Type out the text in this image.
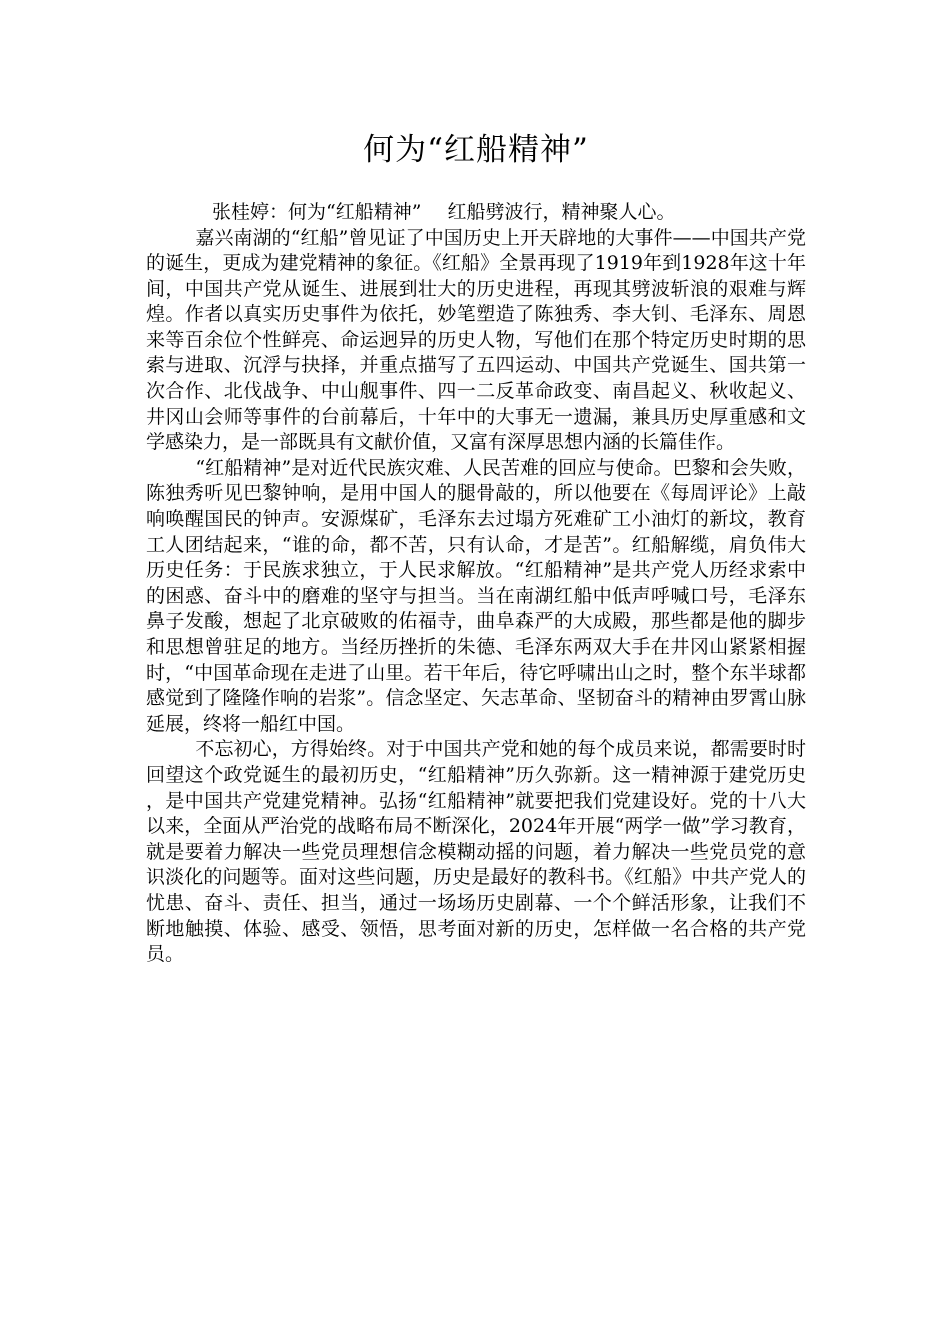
何为“红船精神”

张桂婷：何为“红船精神” 红船劈波行，精神聚人心。

嘉兴南湖的“红船”曾见证了中国历史上开天辟地的大事件——中国共产党的诞生，更成为建党精神的象征。《红船》全景再现了1919年到1928年这十年间，中国共产党从诞生、进展到壮大的历史进程，再现其劈波斩浪的艰难与辉煌。作者以真实历史事件为依托，妙笔塑造了陈独秀、李大钊、毛泽东、周恩来等百余位个性鲜亮、命运迥异的历史人物，写他们在那个特定历史时期的思索与进取、沉浮与抉择，并重点描写了五四运动、中国共产党诞生、国共第一次合作、北伐战争、中山舰事件、四一二反革命政变、南昌起义、秋收起义、井冈山会师等事件的台前幕后，十年中的大事无一遗漏，兼具历史厚重感和文学感染力，是一部既具有文献价值，又富有深厚思想内涵的长篇佳作。

“红船精神”是对近代民族灾难、人民苦难的回应与使命。巴黎和会失败，陈独秀听见巴黎钟响，是用中国人的腿骨敲的，所以他要在《每周评论》上敲响唤醒国民的钟声。安源煤矿，毛泽东去过塌方死难矿工小油灯的新坟，教育工人团结起来，“谁的命，都不苦，只有认命，才是苦”。红船解缆，肩负伟大历史任务：于民族求独立，于人民求解放。“红船精神”是共产党人历经求索中的困惑、奋斗中的磨难的坚守与担当。当在南湖红船中低声呼喊口号，毛泽东鼻子发酸，想起了北京破败的佑福寺，曲阜森严的大成殿，那些都是他的脚步和思想曾驻足的地方。当经历挫折的朱德、毛泽东两双大手在井冈山紧紧相握时，“中国革命现在走进了山里。若干年后，待它呼啸出山之时，整个东半球都感觉到了隆隆作响的岩浆”。信念坚定、矢志革命、坚韧奋斗的精神由罗霄山脉延展，终将一船红中国。

不忘初心，方得始终。对于中国共产党和她的每个成员来说，都需要时时回望这个政党诞生的最初历史，“红船精神”历久弥新。这一精神源于建党历史，是中国共产党建党精神。弘扬“红船精神”就要把我们党建设好。党的十八大以来，全面从严治党的战略布局不断深化，2024年开展“两学一做”学习教育，就是要着力解决一些党员理想信念模糊动摇的问题，着力解决一些党员党的意识淡化的问题等。面对这些问题，历史是最好的教科书。《红船》中共产党人的忧患、奋斗、责任、担当，通过一场场历史剧幕、一个个鲜活形象，让我们不断地触摸、体验、感受、领悟，思考面对新的历史，怎样做一名合格的共产党员。
